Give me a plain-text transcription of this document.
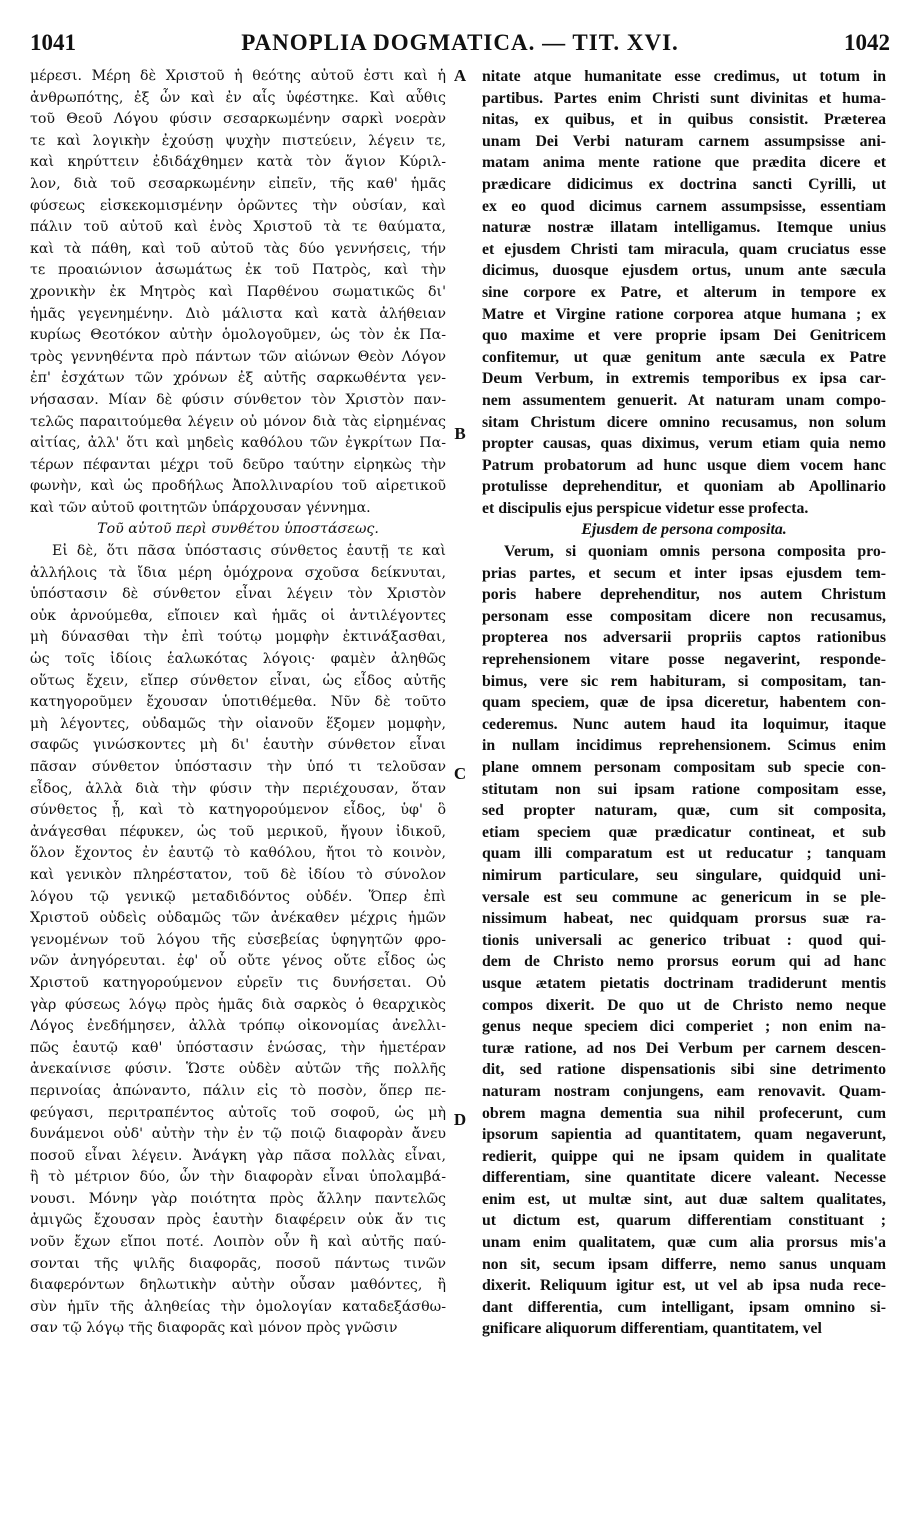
1041	PANOPLIA DOGMATICA. — TIT. XVI.	1042
μέρεσι. Μέρη δὲ Χριστοῦ ἡ θεότης αὐτοῦ ἐστι καὶ ἡ
ἀνθρωπότης, ἐξ ὧν καὶ ἐν αἷς ὑφέστηκε. Καὶ αὖθις
τοῦ Θεοῦ Λόγου φύσιν σεσαρκωμένην σαρκὶ νοερὰν
τε καὶ λογικὴν ἐχούσῃ ψυχὴν πιστεύειν, λέγειν τε,
καὶ κηρύττειν ἐδιδάχθημεν κατὰ τὸν ἅγιον Κύριλ-
λον, διὰ τοῦ σεσαρκωμένην εἰπεῖν, τῆς καθ' ἡμᾶς
φύσεως εἰσκεκομισμένην ὁρῶντες τὴν οὐσίαν, καὶ
πάλιν τοῦ αὐτοῦ καὶ ἑνὸς Χριστοῦ τὰ τε θαύματα,
καὶ τὰ πάθη, καὶ τοῦ αὐτοῦ τὰς δύο γεννήσεις, τήν
τε προαιώνιον ἀσωμάτως ἐκ τοῦ Πατρὸς, καὶ τὴν
χρονικὴν ἐκ Μητρὸς καὶ Παρθένου σωματικῶς δι'
ἡμᾶς γεγενημένην. Διὸ μάλιστα καὶ κατὰ ἀλήθειαν
κυρίως Θεοτόκον αὐτὴν ὁμολογοῦμεν, ὡς τὸν ἐκ Πα-
τρὸς γεννηθέντα πρὸ πάντων τῶν αἰώνων Θεὸν Λόγον
ἐπ' ἐσχάτων τῶν χρόνων ἐξ αὐτῆς σαρκωθέντα γεν-
νήσασαν. Μίαν δὲ φύσιν σύνθετον τὸν Χριστὸν παν-
τελῶς παραιτούμεθα λέγειν οὐ μόνον διὰ τὰς εἰρημένας
αἰτίας, ἀλλ' ὅτι καὶ μηδεὶς καθόλου τῶν ἐγκρίτων Πα-
τέρων πέφανται μέχρι τοῦ δεῦρο ταύτην εἰρηκὼς τὴν
φωνὴν, καὶ ὡς προδήλως Ἀπολλιναρίου τοῦ αἱρετικοῦ
καὶ τῶν αὐτοῦ φοιτητῶν ὑπάρχουσαν γέννημα.
Τοῦ αὐτοῦ περὶ συνθέτου ὑποστάσεως.
Εἰ δὲ, ὅτι πᾶσα ὑπόστασις σύνθετος ἑαυτῇ τε καὶ
ἀλλήλοις τὰ ἴδια μέρη ὁμόχρονα σχοῦσα δείκνυται,
ὑπόστασιν δὲ σύνθετον εἶναι λέγειν τὸν Χριστὸν
οὐκ ἀρνούμεθα, εἴποιεν καὶ ἡμᾶς οἱ ἀντιλέγοντες
μὴ δύνασθαι τὴν ἐπὶ τούτῳ μομφὴν ἐκτινάξασθαι,
ὡς τοῖς ἰδίοις ἑαλωκότας λόγοις· φαμὲν ἀληθῶς
οὕτως ἔχειν, εἴπερ σύνθετον εἶναι, ὡς εἶδος αὐτῆς
κατηγοροῦμεν ἔχουσαν ὑποτιθέμεθα. Νῦν δὲ τοῦτο
μὴ λέγοντες, οὐδαμῶς τὴν οἰανοῦν ἕξομεν μομφὴν,
σαφῶς γινώσκοντες μὴ δι' ἑαυτὴν σύνθετον εἶναι
πᾶσαν σύνθετον ὑπόστασιν τὴν ὑπό τι τελοῦσαν
εἶδος, ἀλλὰ διὰ τὴν φύσιν τὴν περιέχουσαν, ὅταν
σύνθετος ᾖ, καὶ τὸ κατηγορούμενον εἶδος, ὑφ' ὃ
ἀνάγεσθαι πέφυκεν, ὡς τοῦ μερικοῦ, ἤγουν ἰδικοῦ,
ὅλον ἔχοντος ἐν ἑαυτῷ τὸ καθόλου, ἤτοι τὸ κοινὸν,
καὶ γενικὸν πληρέστατον, τοῦ δὲ ἰδίου τὸ σύνολον
λόγου τῷ γενικῷ μεταδιδόντος οὐδέν. Ὅπερ ἐπὶ
Χριστοῦ οὐδεὶς οὐδαμῶς τῶν ἀνέκαθεν μέχρις ἡμῶν
γενομένων τοῦ λόγου τῆς εὐσεβείας ὑφηγητῶν φρο-
νῶν ἀνηγόρευται. ἐφ' οὗ οὔτε γένος οὔτε εἶδος ὡς
Χριστοῦ κατηγορούμενον εὑρεῖν τις δυνήσεται. Οὐ
γὰρ φύσεως λόγῳ πρὸς ἡμᾶς διὰ σαρκὸς ὁ θεαρχικὸς
Λόγος ἐνεδήμησεν, ἀλλὰ τρόπῳ οἰκονομίας ἀνελλι-
πῶς ἑαυτῷ καθ' ὑπόστασιν ἑνώσας, τὴν ἡμετέραν
ἀνεκαίνισε φύσιν. Ὥστε οὐδὲν αὐτῶν τῆς πολλῆς
περινοίας ἀπώναντο, πάλιν εἰς τὸ ποσὸν, ὅπερ πε-
φεύγασι, περιτραπέντος αὐτοῖς τοῦ σοφοῦ, ὡς μὴ
δυνάμενοι οὐδ' αὐτὴν τὴν ἐν τῷ ποιῷ διαφορὰν ἄνευ
ποσοῦ εἶναι λέγειν. Ἀνάγκη γὰρ πᾶσα πολλὰς εἶναι,
ἢ τὸ μέτριον δύο, ὧν τὴν διαφορὰν εἶναι ὑπολαμβά-
νουσι. Μόνην γὰρ ποιότητα πρὸς ἄλλην παντελῶς
ἀμιγῶς ἔχουσαν πρὸς ἑαυτὴν διαφέρειν οὐκ ἄν τις
νοῦν ἔχων εἴποι ποτέ. Λοιπὸν οὖν ἢ καὶ αὐτῆς παύ-
σονται τῆς ψιλῆς διαφορᾶς, ποσοῦ πάντως τινῶν
διαφερόντων δηλωτικὴν αὐτὴν οὖσαν μαθόντες, ἢ
σὺν ἡμῖν τῆς ἀληθείας τὴν ὁμολογίαν καταδεξάσθω-
σαν τῷ λόγῳ τῆς διαφορᾶς καὶ μόνον πρὸς γνῶσιν
nitate atque humanitate esse credimus, ut totum in
partibus. Partes enim Christi sunt divinitas et huma-
nitas, ex quibus, et in quibus consistit. Præterea
unam Dei Verbi naturam carnem assumpsisse ani-
matam anima mente ratione que prædita dicere et
prædicare didicimus ex doctrina sancti Cyrilli, ut
ex eo quod dicimus carnem assumpsisse, essentiam
naturæ nostræ illatam intelligamus. Itemque unius
et ejusdem Christi tam miracula, quam cruciatus esse
dicimus, duosque ejusdem ortus, unum ante sæcula
sine corpore ex Patre, et alterum in tempore ex
Matre et Virgine ratione corporea atque humana ; ex
quo maxime et vere proprie ipsam Dei Genitricem
confitemur, ut quæ genitum ante sæcula ex Patre
Deum Verbum, in extremis temporibus ex ipsa car-
nem assumentem genuerit. At naturam unam compo-
sitam Christum dicere omnino recusamus, non solum
propter causas, quas diximus, verum etiam quia nemo
Patrum probatorum ad hunc usque diem vocem hanc
protulisse deprehenditur, et quoniam ab Apollinario
et discipulis ejus perspicue videtur esse profecta.
Ejusdem de persona composita.
Verum, si quoniam omnis persona composita pro-
prias partes, et secum et inter ipsas ejusdem tem-
poris habere deprehenditur, nos autem Christum
personam esse compositam dicere non recusamus,
propterea nos adversarii propriis captos rationibus
reprehensionem vitare posse negaverint, responde-
bimus, vere sic rem habituram, si compositam, tan-
quam speciem, quæ de ipsa diceretur, habentem con-
cederemus. Nunc autem haud ita loquimur, itaque
in nullam incidimus reprehensionem. Scimus enim
plane omnem personam compositam sub specie con-
stitutam non sui ipsam ratione compositam esse,
sed propter naturam, quæ, cum sit composita,
etiam speciem quæ prædicatur contineat, et sub
quam illi comparatum est ut reducatur ; tanquam
nimirum particulare, seu singulare, quidquid uni-
versale est seu commune ac genericum in se ple-
nissimum habeat, nec quidquam prorsus suæ ra-
tionis universali ac generico tribuat : quod qui-
dem de Christo nemo prorsus eorum qui ad hanc
usque ætatem pietatis doctrinam tradiderunt mentis
compos dixerit. De quo ut de Christo nemo neque
genus neque speciem dici comperiet ; non enim na-
turæ ratione, ad nos Dei Verbum per carnem descen-
dit, sed ratione dispensationis sibi sine detrimento
naturam nostram conjungens, eam renovavit. Quam-
obrem magna dementia sua nihil profecerunt, cum
ipsorum sapientia ad quantitatem, quam negaverunt,
redierit, quippe qui ne ipsam quidem in qualitate
differentiam, sine quantitate dicere valeant. Necesse
enim est, ut multæ sint, aut duæ saltem qualitates,
ut dictum est, quarum differentiam constituant ;
unam enim qualitatem, quæ cum alia prorsus mis'a
non sit, secum ipsam differre, nemo sanus unquam
dixerit. Reliquum igitur est, ut vel ab ipsa nuda rece-
dant differentia, cum intelligant, ipsam omnino si-
gnificare aliquorum differentiam, quantitatem, vel
A
B
C
D
